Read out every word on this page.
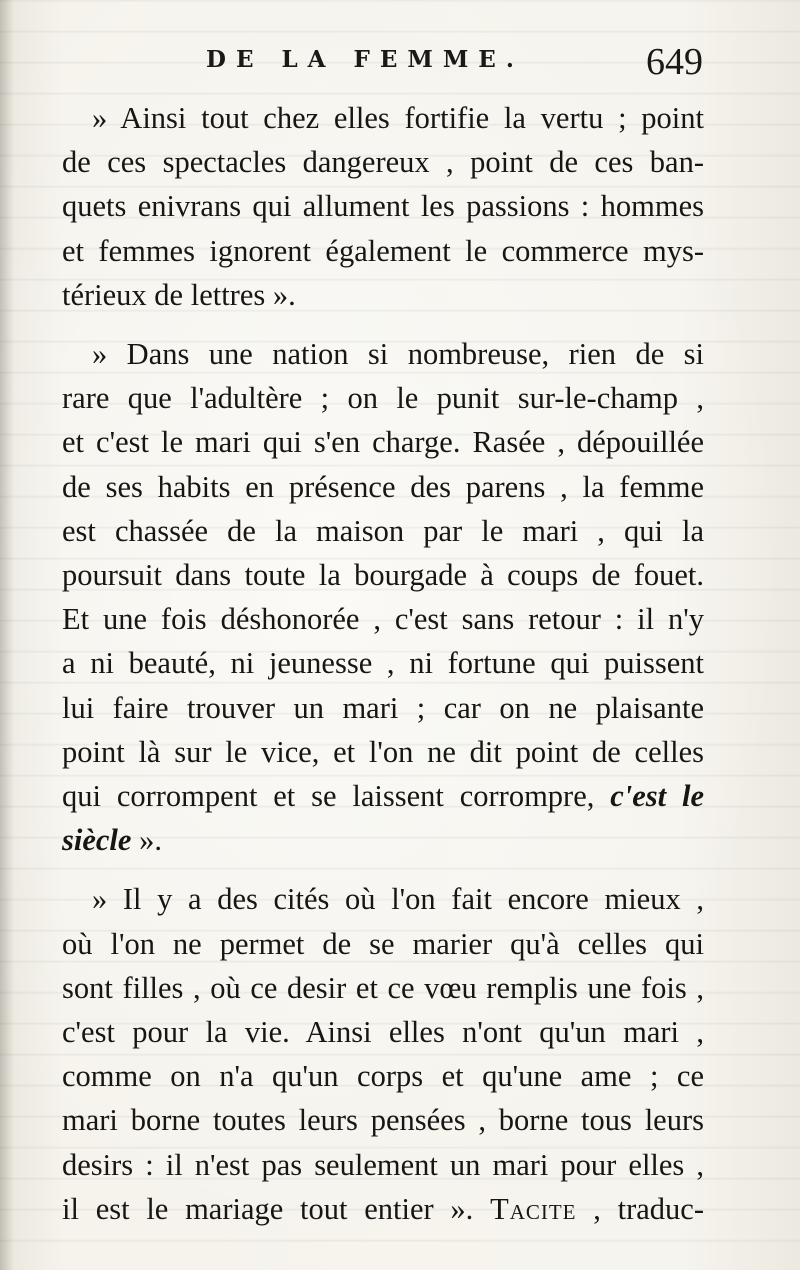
DE LA FEMME.	649

» Ainsi tout chez elles fortifie la vertu ; point
de ces spectacles dangereux , point de ces ban-
quets enivrans qui allument les passions : hommes
et femmes ignorent également le commerce mys-
térieux de lettres ».

» Dans une nation si nombreuse, rien de si
rare que l'adultère ; on le punit sur-le-champ ,
et c'est le mari qui s'en charge. Rasée , dépouillée
de ses habits en présence des parens , la femme
est chassée de la maison par le mari , qui la
poursuit dans toute la bourgade à coups de fouet.
Et une fois déshonorée , c'est sans retour : il n'y
a ni beauté, ni jeunesse , ni fortune qui puissent
lui faire trouver un mari ; car on ne plaisante
point là sur le vice, et l'on ne dit point de celles
qui corrompent et se laissent corrompre, c'est le
siècle ».

» Il y a des cités où l'on fait encore mieux ,
où l'on ne permet de se marier qu'à celles qui
sont filles , où ce desir et ce vœu remplis une fois ,
c'est pour la vie. Ainsi elles n'ont qu'un mari ,
comme on n'a qu'un corps et qu'une ame ; ce
mari borne toutes leurs pensées , borne tous leurs
desirs : il n'est pas seulement un mari pour elles ,
il est le mariage tout entier ». Tacite , traduc-
